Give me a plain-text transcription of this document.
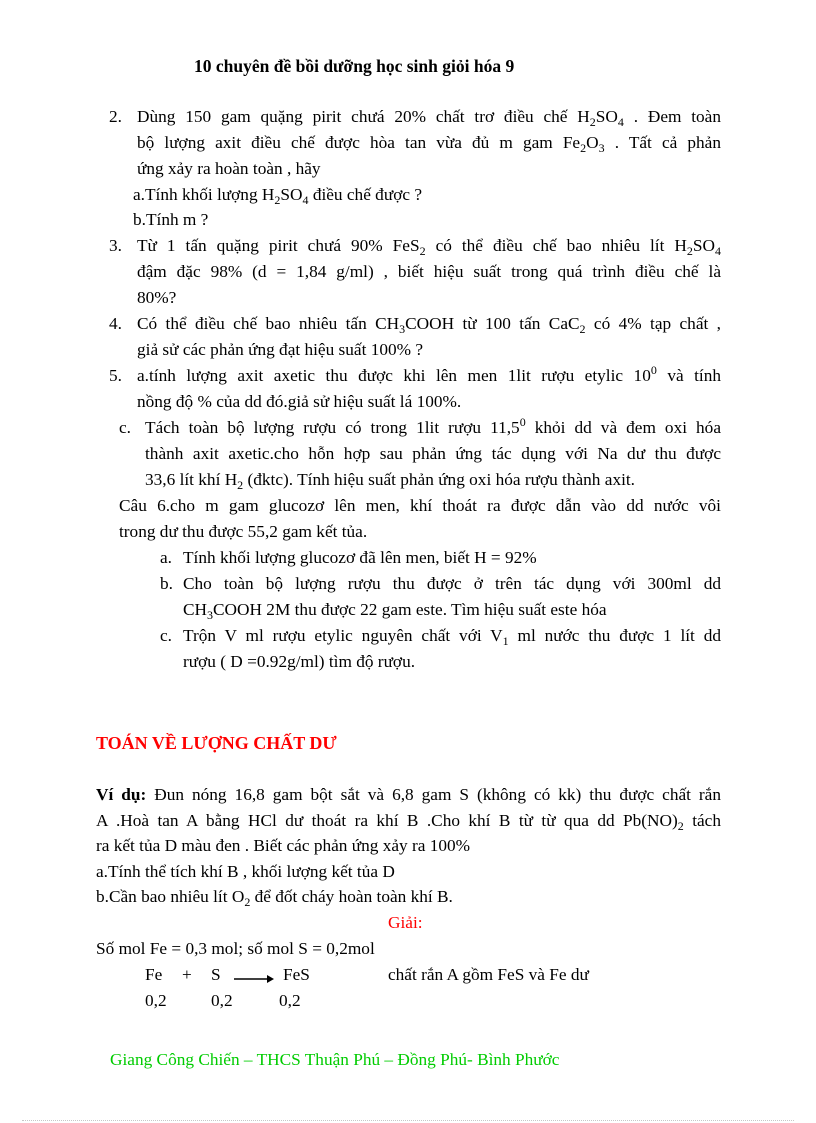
10 chuyên đề bồi dưỡng học sinh giỏi hóa 9
2. Dùng 150 gam quặng pirit chưá 20% chất trơ điều chế $H_2SO_4$ . Đem toàn
bộ lượng axit điều chế được hòa tan vừa đủ m gam $Fe_2O_3$ . Tất cả phản
ứng xảy ra hoàn toàn , hãy
a.Tính khối lượng $H_2SO_4$ điều chế được ?
b.Tính m ?
3. Từ 1 tấn quặng pirit chưá 90% FeS$_2$ có thể điều chế bao nhiêu lít $H_2SO_4$
đậm đặc 98% (d = 1,84 g/ml) , biết hiệu suất trong quá trình điều chế là
80%?
4. Có thể điều chế bao nhiêu tấn $CH_3COOH$ từ 100 tấn CaC$_2$ có 4% tạp chất ,
giả sử các phản ứng đạt hiệu suất 100% ?
5. a.tính lượng axit axetic thu được khi lên men 1lit rượu etylic $10^0$ và tính
nồng độ % của dd đó.giả sử hiệu suất lá 100%.
c. Tách toàn bộ lượng rượu có trong 1lit rượu 11,5$^0$ khỏi dd và đem oxi hóa
thành axit axetic.cho hỗn hợp sau phản ứng tác dụng với Na dư thu được
33,6 lít khí $H_2$ (đktc). Tính hiệu suất phản ứng oxi hóa rượu thành axit.
Câu 6.cho m gam glucozơ lên men, khí thoát ra được dẫn vào dd nước vôi
trong dư thu được 55,2 gam kết tủa.
a. Tính khối lượng glucozơ đã lên men, biết H = 92%
b. Cho toàn bộ lượng rượu thu được ở trên tác dụng với 300ml dd
$CH_3COOH$ 2M thu được 22 gam este. Tìm hiệu suất este hóa
c. Trộn V ml rượu etylic nguyên chất với $V_1$ ml nước thu được 1 lít dd
rượu ( D =0.92g/ml) tìm độ rượu.
TOÁN VỀ LƯỢNG CHẤT DƯ
Ví dụ: Đun nóng 16,8 gam bột sắt và 6,8 gam S (không có kk) thu được chất rắn
A .Hoà tan A bằng HCl dư thoát ra khí B .Cho khí B từ từ qua dd $Pb(NO)_2$ tách
ra kết tủa D màu đen . Biết các phản ứng xảy ra 100%
a.Tính thể tích khí B , khối lượng kết tủa D
b.Cần bao nhiêu lít $O_2$ để đốt cháy hoàn toàn khí B.
Giải:
Số mol Fe = 0,3 mol; số mol S = 0,2mol
Fe + S → FeS	chất rắn A gồm FeS và Fe dư
0,2	0,2	0,2
Giang Công Chiến – THCS Thuận Phú – Đồng Phú- Bình Phước
